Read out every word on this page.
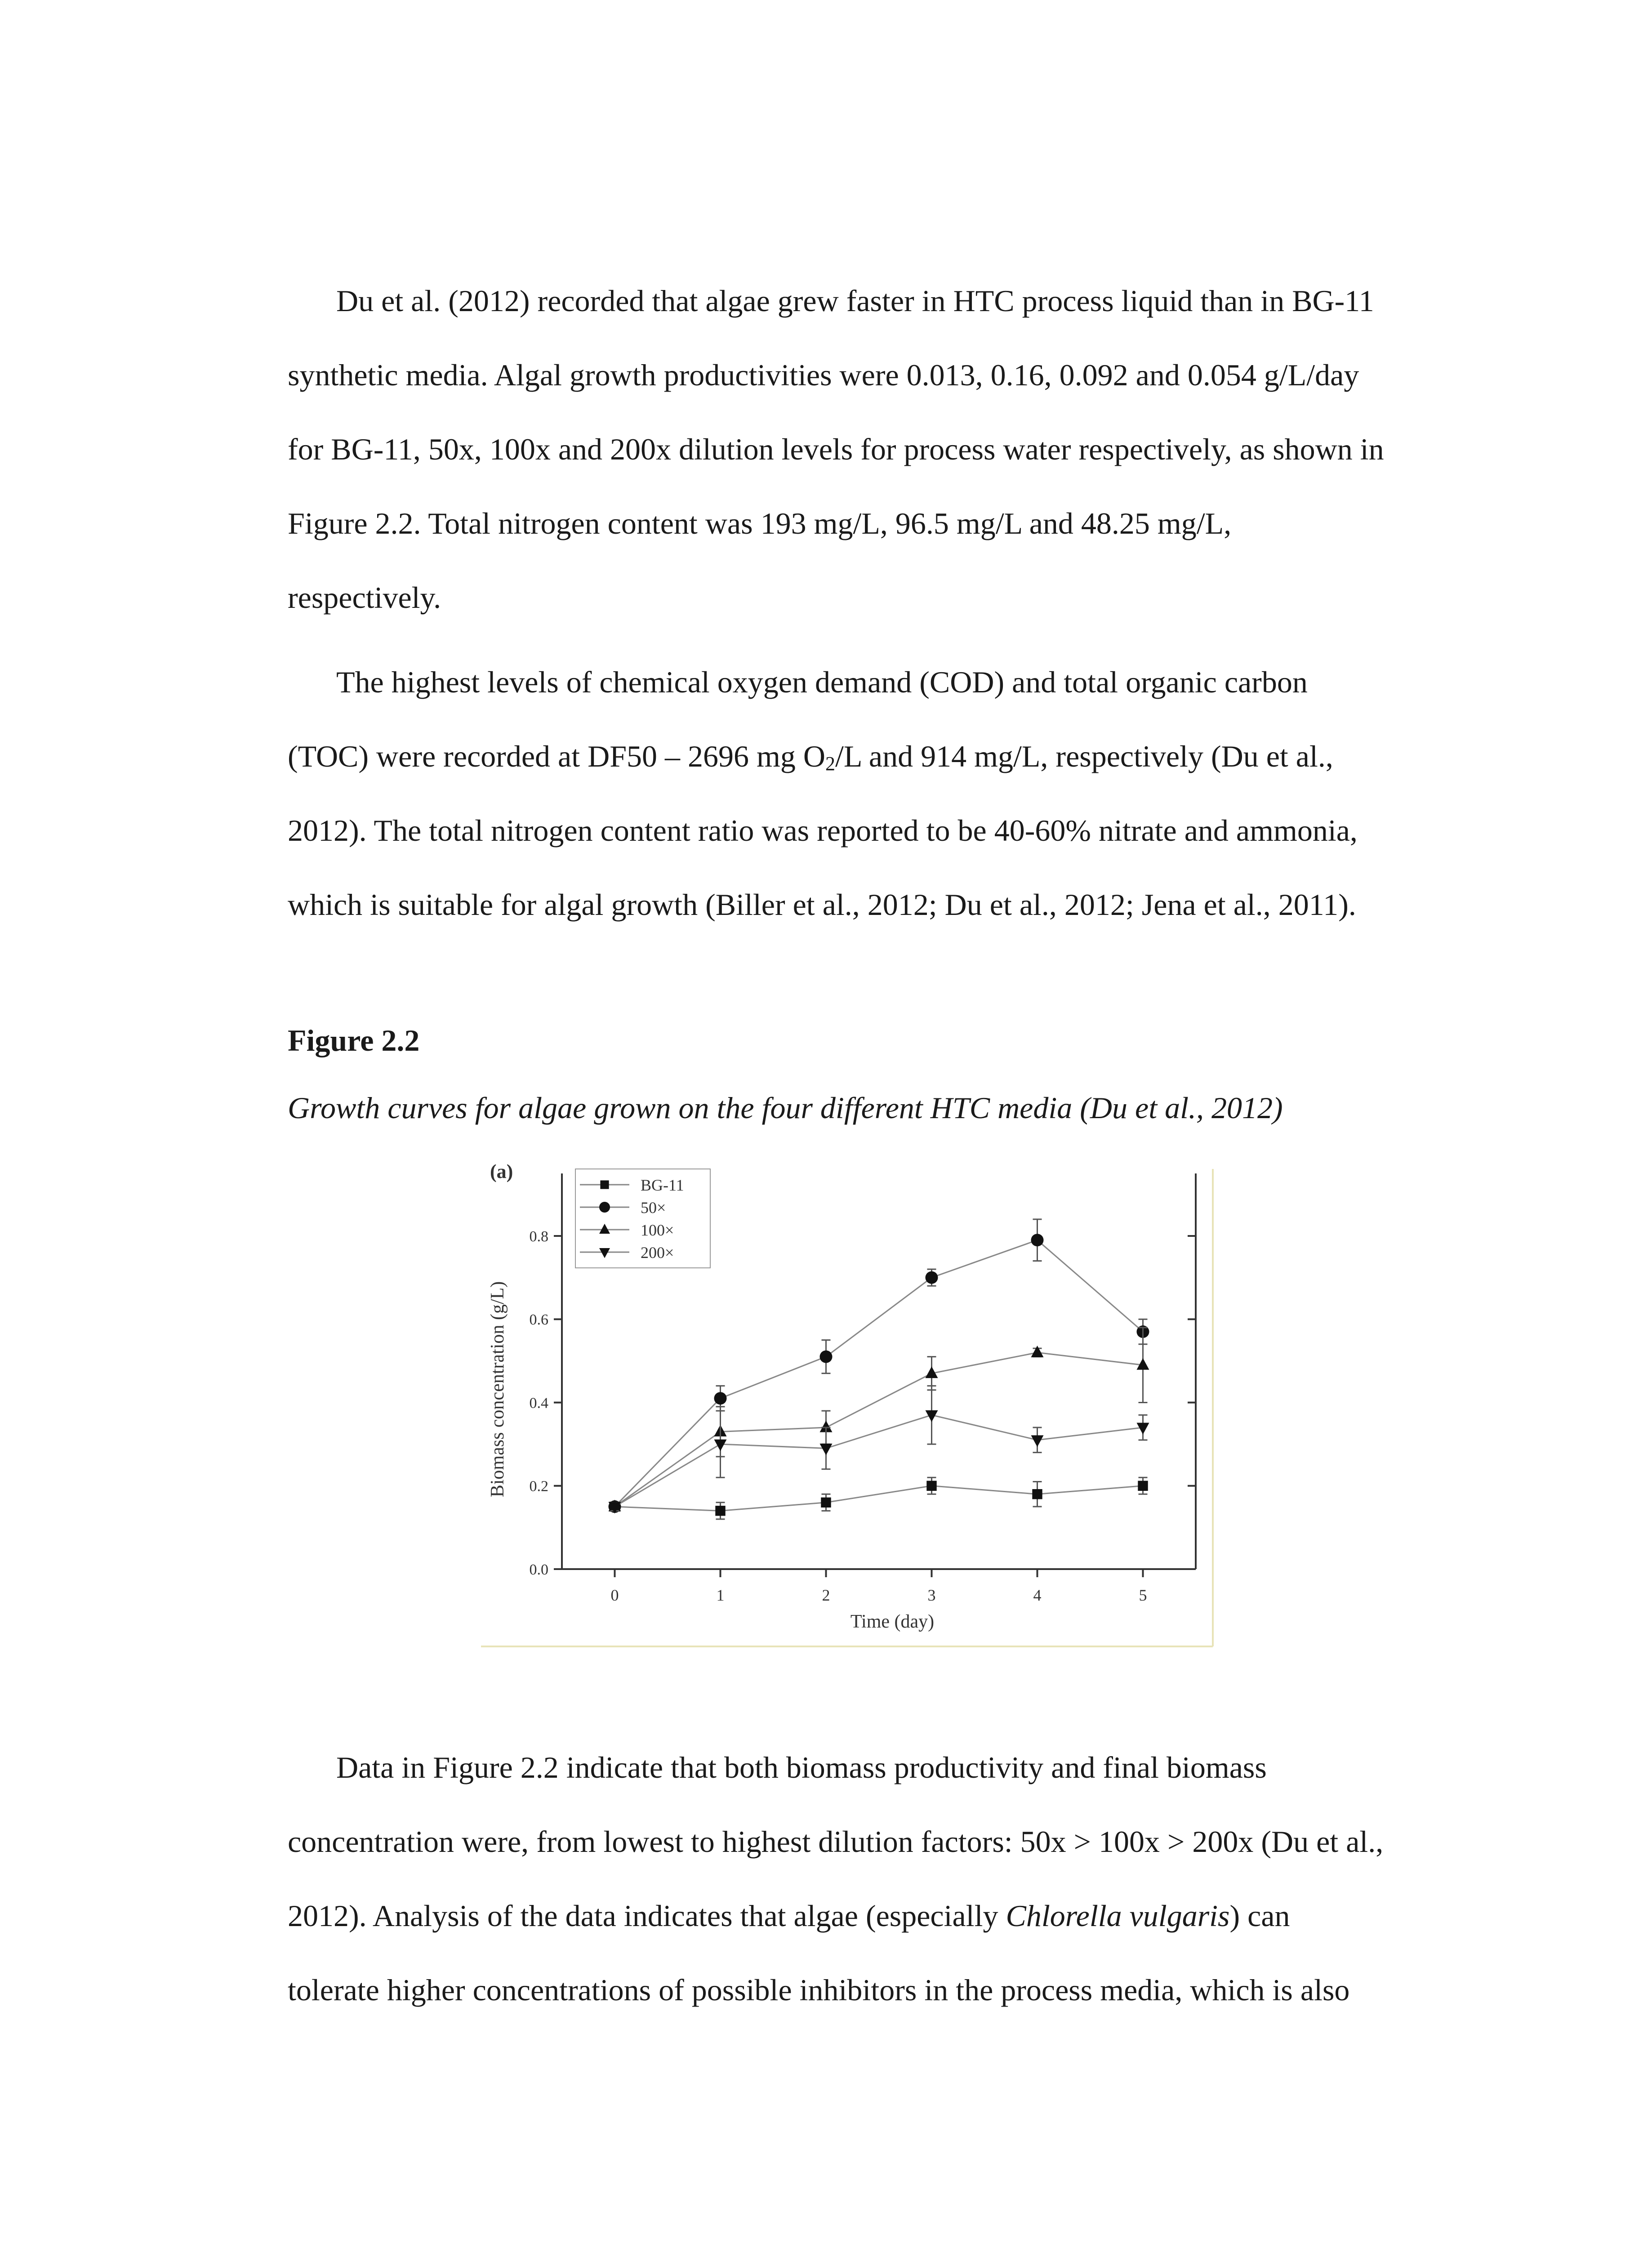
Du et al. (2012) recorded that algae grew faster in HTC process liquid than in BG-11
synthetic media. Algal growth productivities were 0.013, 0.16, 0.092 and 0.054 g/L/day
for BG-11, 50x, 100x and 200x dilution levels for process water respectively, as shown in
Figure 2.2. Total nitrogen content was 193 mg/L, 96.5 mg/L and 48.25 mg/L,
respectively.
The highest levels of chemical oxygen demand (COD) and total organic carbon
(TOC) were recorded at DF50 – 2696 mg O2/L and 914 mg/L, respectively (Du et al.,
2012). The total nitrogen content ratio was reported to be 40-60% nitrate and ammonia,
which is suitable for algal growth (Biller et al., 2012; Du et al., 2012; Jena et al., 2011).

Figure 2.2

Growth curves for algae grown on the four different HTC media (Du et al., 2012)

0	1	2	3	4	5
0.0
0.2
0.4
0.6
0.8
(a)
Time (day)
Biomass concentration (g/L)
BG-11
50×
100×
200×
Data in Figure 2.2 indicate that both biomass productivity and final biomass
concentration were, from lowest to highest dilution factors: 50x > 100x > 200x (Du et al.,
2012). Analysis of the data indicates that algae (especially Chlorella vulgaris) can
tolerate higher concentrations of possible inhibitors in the process media, which is also
